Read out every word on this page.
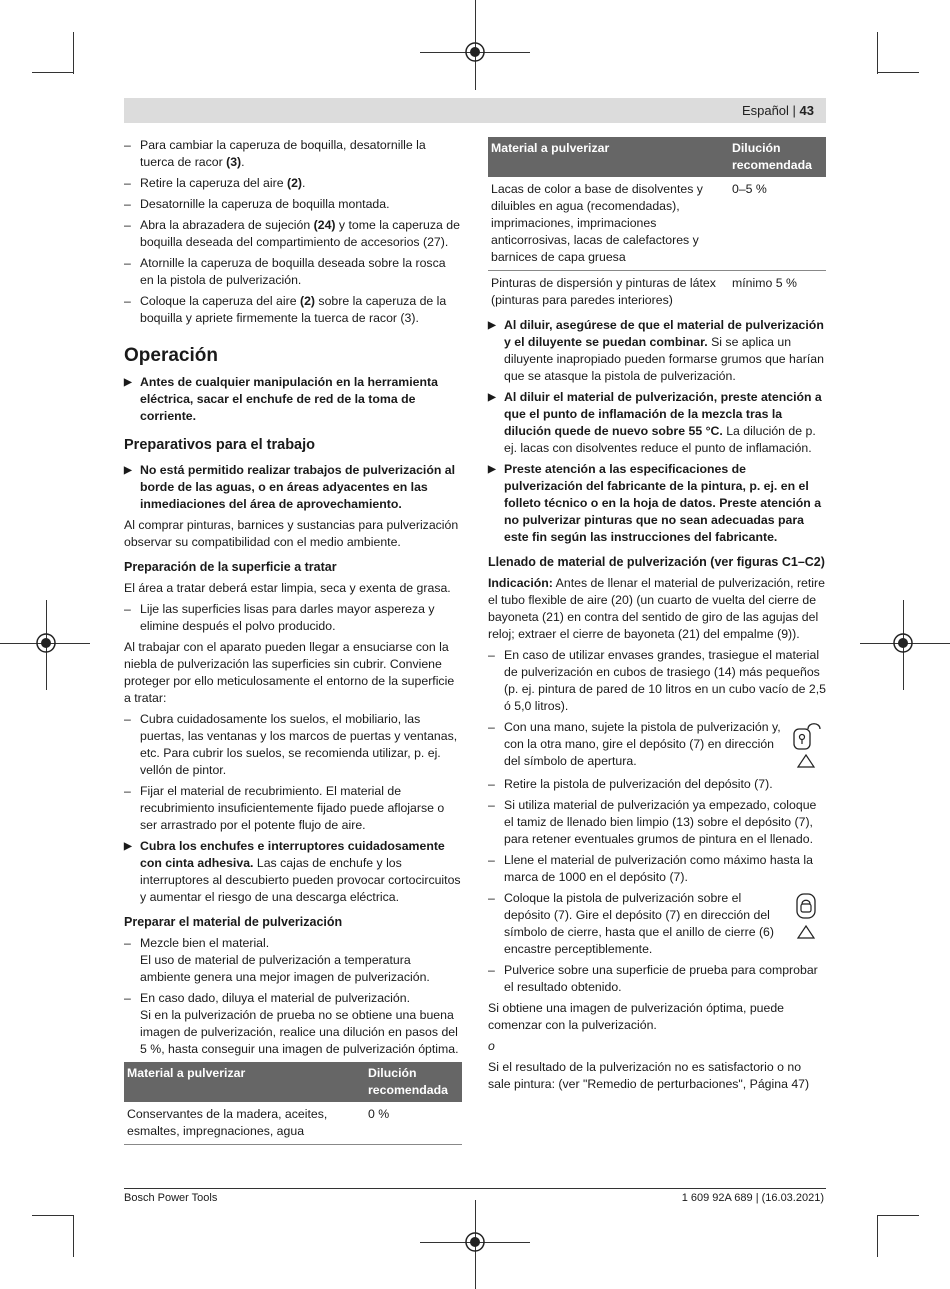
Español | 43
– Para cambiar la caperuza de boquilla, desatornille la tuerca de racor (3).
– Retire la caperuza del aire (2).
– Desatornille la caperuza de boquilla montada.
– Abra la abrazadera de sujeción (24) y tome la caperuza de boquilla deseada del compartimiento de accesorios (27).
– Atornille la caperuza de boquilla deseada sobre la rosca en la pistola de pulverización.
– Coloque la caperuza del aire (2) sobre la caperuza de la boquilla y apriete firmemente la tuerca de racor (3).
Operación
▶ Antes de cualquier manipulación en la herramienta eléctrica, sacar el enchufe de red de la toma de corriente.
Preparativos para el trabajo
▶ No está permitido realizar trabajos de pulverización al borde de las aguas, o en áreas adyacentes en las inmediaciones del área de aprovechamiento.

Al comprar pinturas, barnices y sustancias para pulverización observar su compatibilidad con el medio ambiente.

Preparación de la superficie a tratar

El área a tratar deberá estar limpia, seca y exenta de grasa.

– Lije las superficies lisas para darles mayor aspereza y elimine después el polvo producido.

Al trabajar con el aparato pueden llegar a ensuciarse con la niebla de pulverización las superficies sin cubrir. Conviene proteger por ello meticulosamente el entorno de la superficie a tratar:

– Cubra cuidadosamente los suelos, el mobiliario, las puertas, las ventanas y los marcos de puertas y ventanas, etc. Para cubrir los suelos, se recomienda utilizar, p. ej. vellón de pintor.
– Fijar el material de recubrimiento. El material de recubrimiento insuficientemente fijado puede aflojarse o ser arrastrado por el potente flujo de aire.
▶ Cubra los enchufes e interruptores cuidadosamente con cinta adhesiva. Las cajas de enchufe y los interruptores al descubierto pueden provocar cortocircuitos y aumentar el riesgo de una descarga eléctrica.
Preparar el material de pulverización
– Mezcle bien el material.
El uso de material de pulverización a temperatura ambiente genera una mejor imagen de pulverización.
– En caso dado, diluya el material de pulverización.
Si en la pulverización de prueba no se obtiene una buena imagen de pulverización, realice una dilución en pasos del 5 %, hasta conseguir una imagen de pulverización óptima.
Material a pulverizar	Dilución recomendada
Conservantes de la madera, aceites, esmaltes, impregnaciones, agua	0 %
Material a pulverizar	Dilución recomendada
Lacas de color a base de disolventes y diluibles en agua (recomendadas), imprimaciones, imprimaciones anticorrosivas, lacas de calefactores y barnices de capa gruesa	0–5 %
Pinturas de dispersión y pinturas de látex (pinturas para paredes interiores)	mínimo 5 %
▶ Al diluir, asegúrese de que el material de pulverización y el diluyente se puedan combinar. Si se aplica un diluyente inapropiado pueden formarse grumos que harían que se atasque la pistola de pulverización.
▶ Al diluir el material de pulverización, preste atención a que el punto de inflamación de la mezcla tras la dilución quede de nuevo sobre 55 °C. La dilución de p. ej. lacas con disolventes reduce el punto de inflamación.
▶ Preste atención a las especificaciones de pulverización del fabricante de la pintura, p. ej. en el folleto técnico o en la hoja de datos. Preste atención a no pulverizar pinturas que no sean adecuadas para este fin según las instrucciones del fabricante.
Llenado de material de pulverización (ver figuras C1–C2)

Indicación: Antes de llenar el material de pulverización, retire el tubo flexible de aire (20) (un cuarto de vuelta del cierre de bayoneta (21) en contra del sentido de giro de las agujas del reloj; extraer el cierre de bayoneta (21) del empalme (9)).

– En caso de utilizar envases grandes, trasiegue el material de pulverización en cubos de trasiego (14) más pequeños (p. ej. pintura de pared de 10 litros en un cubo vacío de 2,5 ó 5,0 litros).
– Con una mano, sujete la pistola de pulverización y, con la otra mano, gire el depósito (7) en dirección del símbolo de apertura.
– Retire la pistola de pulverización del depósito (7).
– Si utiliza material de pulverización ya empezado, coloque el tamiz de llenado bien limpio (13) sobre el depósito (7), para retener eventuales grumos de pintura en el llenado.
– Llene el material de pulverización como máximo hasta la marca de 1000 en el depósito (7).
– Coloque la pistola de pulverización sobre el depósito (7). Gire el depósito (7) en dirección del símbolo de cierre, hasta que el anillo de cierre (6) encastre perceptiblemente.
– Pulverice sobre una superficie de prueba para comprobar el resultado obtenido.

Si obtiene una imagen de pulverización óptima, puede comenzar con la pulverización.

o

Si el resultado de la pulverización no es satisfactorio o no sale pintura: (ver "Remedio de perturbaciones", Página 47)

Bosch Power Tools	1 609 92A 689 | (16.03.2021)
